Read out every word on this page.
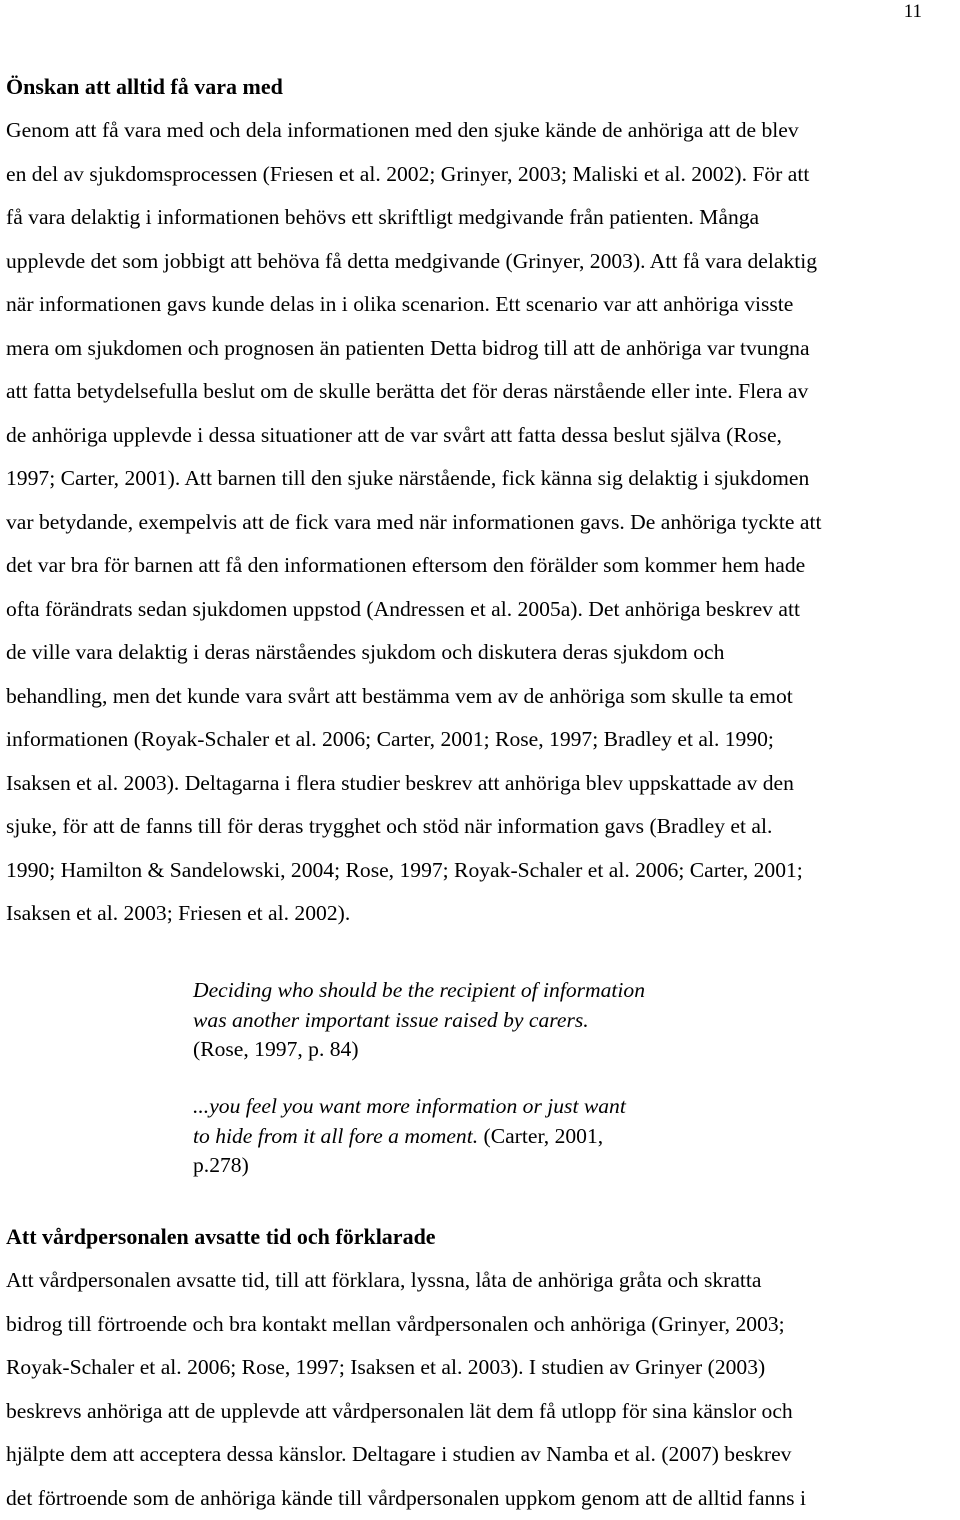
11
Önskan att alltid få vara med
Genom att få vara med och dela informationen med den sjuke kände de anhöriga att de blev
en del av sjukdomsprocessen (Friesen et al. 2002; Grinyer, 2003; Maliski et al. 2002). För att
få vara delaktig i informationen behövs ett skriftligt medgivande från patienten. Många
upplevde det som jobbigt att behöva få detta medgivande (Grinyer, 2003). Att få vara delaktig
när informationen gavs kunde delas in i olika scenarion. Ett scenario var att anhöriga visste
mera om sjukdomen och prognosen än patienten Detta bidrog till att de anhöriga var tvungna
att fatta betydelsefulla beslut om de skulle berätta det för deras närstående eller inte. Flera av
de anhöriga upplevde i dessa situationer att de var svårt att fatta dessa beslut själva (Rose,
1997; Carter, 2001). Att barnen till den sjuke närstående, fick känna sig delaktig i sjukdomen
var betydande, exempelvis att de fick vara med när informationen gavs. De anhöriga tyckte att
det var bra för barnen att få den informationen eftersom den förälder som kommer hem hade
ofta förändrats sedan sjukdomen uppstod (Andressen et al. 2005a). Det anhöriga beskrev att
de ville vara delaktig i deras närståendes sjukdom och diskutera deras sjukdom och
behandling, men det kunde vara svårt att bestämma vem av de anhöriga som skulle ta emot
informationen (Royak-Schaler et al. 2006; Carter, 2001; Rose, 1997; Bradley et al. 1990;
Isaksen et al. 2003). Deltagarna i flera studier beskrev att anhöriga blev uppskattade av den
sjuke, för att de fanns till för deras trygghet och stöd när information gavs (Bradley et al.
1990; Hamilton & Sandelowski, 2004; Rose, 1997; Royak-Schaler et al. 2006; Carter, 2001;
Isaksen et al. 2003; Friesen et al. 2002).
Deciding who should be the recipient of information
was another important issue raised by carers.
(Rose, 1997, p. 84)
...you feel you want more information or just want
to hide from it all fore a moment. (Carter, 2001,
p.278)
Att vårdpersonalen avsatte tid och förklarade
Att vårdpersonalen avsatte tid, till att förklara, lyssna, låta de anhöriga gråta och skratta
bidrog till förtroende och bra kontakt mellan vårdpersonalen och anhöriga (Grinyer, 2003;
Royak-Schaler et al. 2006; Rose, 1997; Isaksen et al. 2003). I studien av Grinyer (2003)
beskrevs anhöriga att de upplevde att vårdpersonalen lät dem få utlopp för sina känslor och
hjälpte dem att acceptera dessa känslor. Deltagare i studien av Namba et al. (2007) beskrev
det förtroende som de anhöriga kände till vårdpersonalen uppkom genom att de alltid fanns i
